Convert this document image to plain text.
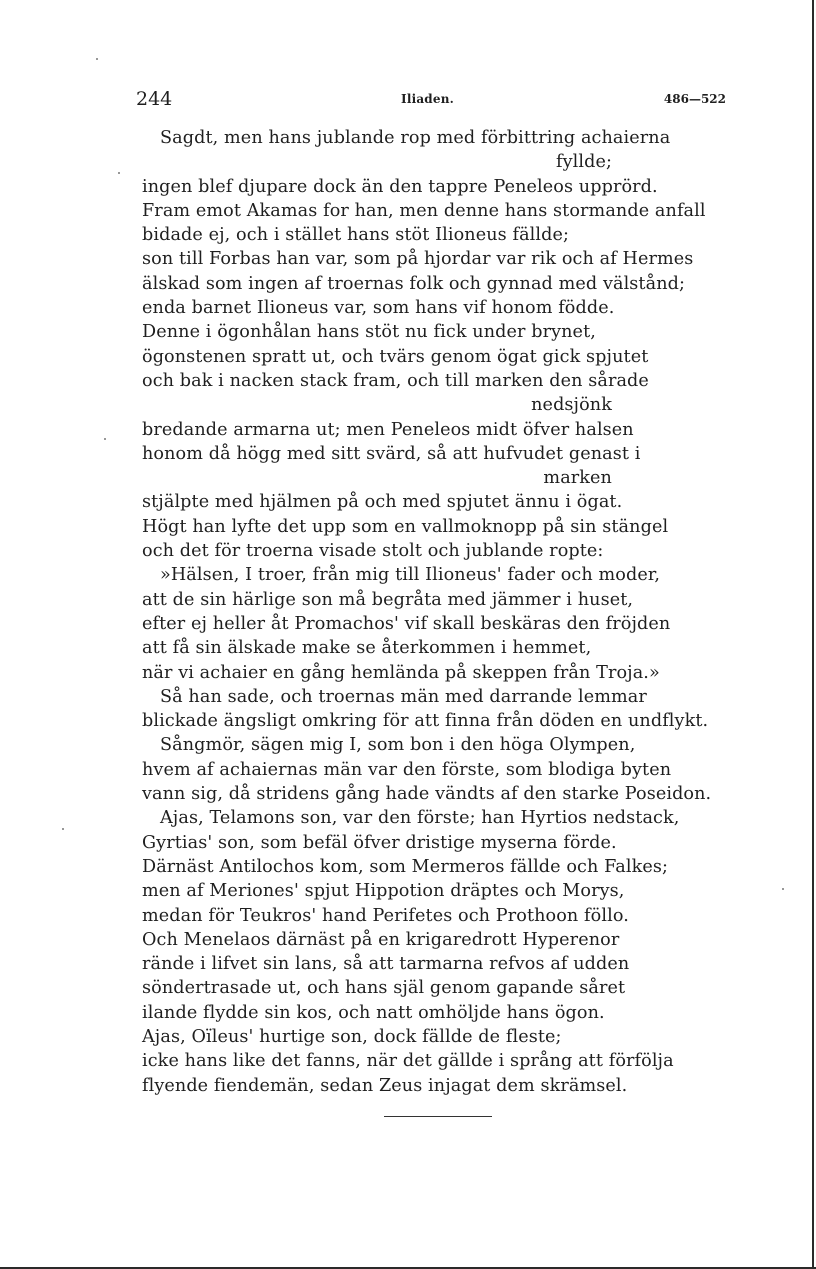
244	Iliaden.	486—522
Sagdt, men hans jublande rop med förbittring achaierna
fyllde;
ingen blef djupare dock än den tappre Peneleos upprörd.
Fram emot Akamas for han, men denne hans stormande anfall
bidade ej, och i stället hans stöt Ilioneus fällde;
son till Forbas han var, som på hjordar var rik och af Hermes
älskad som ingen af troernas folk och gynnad med välstånd;
enda barnet Ilioneus var, som hans vif honom födde.
Denne i ögonhålan hans stöt nu fick under brynet,
ögonstenen spratt ut, och tvärs genom ögat gick spjutet
och bak i nacken stack fram, och till marken den sårade
nedsjönk
bredande armarna ut; men Peneleos midt öfver halsen
honom då högg med sitt svärd, så att hufvudet genast i
marken
stjälpte med hjälmen på och med spjutet ännu i ögat.
Högt han lyfte det upp som en vallmoknopp på sin stängel
och det för troerna visade stolt och jublande ropte:
»Hälsen, I troer, från mig till Ilioneus' fader och moder,
att de sin härlige son må begråta med jämmer i huset,
efter ej heller åt Promachos' vif skall beskäras den fröjden
att få sin älskade make se återkommen i hemmet,
när vi achaier en gång hemlända på skeppen från Troja.»
Så han sade, och troernas män med darrande lemmar
blickade ängsligt omkring för att finna från döden en undflykt.
Sångmör, sägen mig I, som bon i den höga Olympen,
hvem af achaiernas män var den förste, som blodiga byten
vann sig, då stridens gång hade vändts af den starke Poseidon.
Ajas, Telamons son, var den förste; han Hyrtios nedstack,
Gyrtias' son, som befäl öfver dristige myserna förde.
Därnäst Antilochos kom, som Mermeros fällde och Falkes;
men af Meriones' spjut Hippotion dräptes och Morys,
medan för Teukros' hand Perifetes och Prothoon föllo.
Och Menelaos därnäst på en krigaredrott Hyperenor
rände i lifvet sin lans, så att tarmarna refvos af udden
söndertrasade ut, och hans själ genom gapande såret
ilande flydde sin kos, och natt omhöljde hans ögon.
Ajas, Oïleus' hurtige son, dock fällde de fleste;
icke hans like det fanns, när det gällde i språng att förfölja
flyende fiendemän, sedan Zeus injagat dem skrämsel.
